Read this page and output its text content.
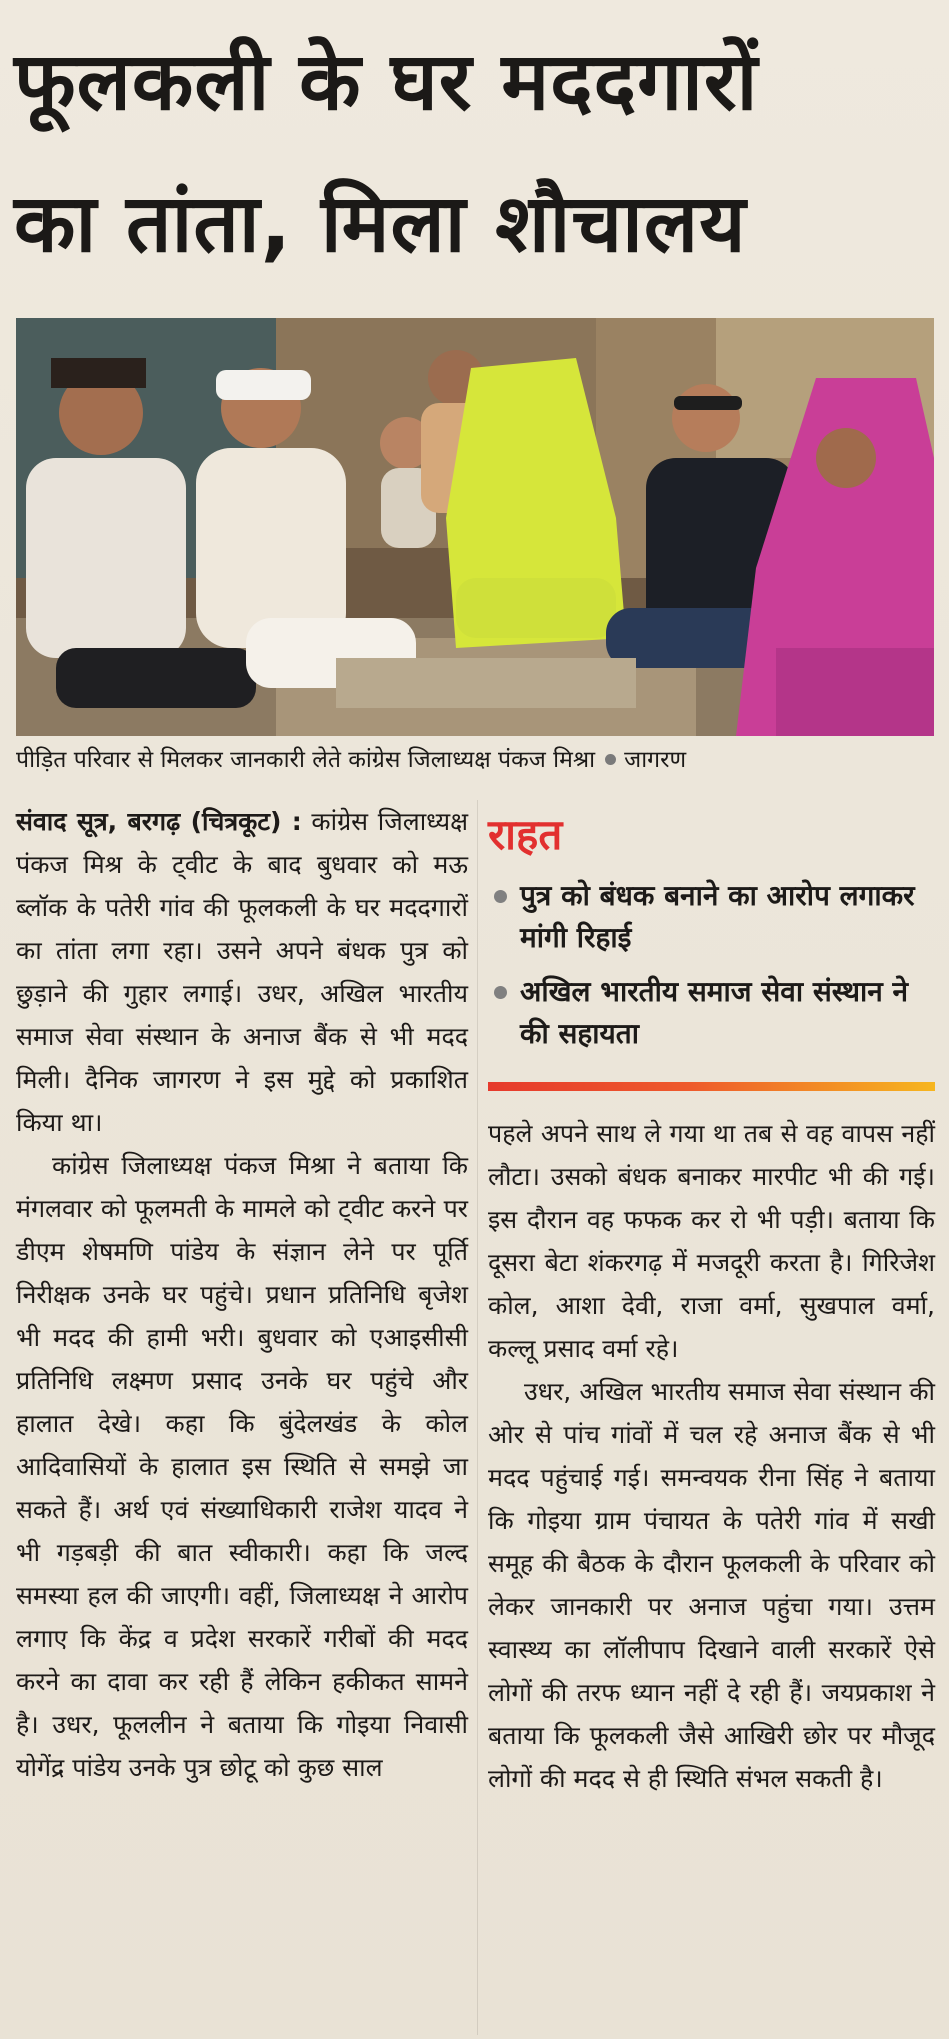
फूलकली के घर मददगारों
का तांता, मिला शौचालय
पीड़ित परिवार से मिलकर जानकारी लेते कांग्रेस जिलाध्यक्ष पंकज मिश्रा जागरण

संवाद सूत्र, बरगढ़ (चित्रकूट) : कांग्रेस जिलाध्यक्ष पंकज मिश्र के ट्वीट के बाद बुधवार को मऊ ब्लॉक के पतेरी गांव की फूलकली के घर मददगारों का तांता लगा रहा। उसने अपने बंधक पुत्र को छुड़ाने की गुहार लगाई। उधर, अखिल भारतीय समाज सेवा संस्थान के अनाज बैंक से भी मदद मिली। दैनिक जागरण ने इस मुद्दे को प्रकाशित किया था।

कांग्रेस जिलाध्यक्ष पंकज मिश्रा ने बताया कि मंगलवार को फूलमती के मामले को ट्वीट करने पर डीएम शेषमणि पांडेय के संज्ञान लेने पर पूर्ति निरीक्षक उनके घर पहुंचे। प्रधान प्रतिनिधि बृजेश भी मदद की हामी भरी। बुधवार को एआइसीसी प्रतिनिधि लक्ष्मण प्रसाद उनके घर पहुंचे और हालात देखे। कहा कि बुंदेलखंड के कोल आदिवासियों के हालात इस स्थिति से समझे जा सकते हैं। अर्थ एवं संख्याधिकारी राजेश यादव ने भी गड़बड़ी की बात स्वीकारी। कहा कि जल्द समस्या हल की जाएगी। वहीं, जिलाध्यक्ष ने आरोप लगाए कि केंद्र व प्रदेश सरकारें गरीबों की मदद करने का दावा कर रही हैं लेकिन हकीकत सामने है। उधर, फूललीन ने बताया कि गोइया निवासी योगेंद्र पांडेय उनके पुत्र छोटू को कुछ साल

राहत
पुत्र को बंधक बनाने का आरोप लगाकर मांगी रिहाई
अखिल भारतीय समाज सेवा संस्थान ने की सहायता

पहले अपने साथ ले गया था तब से वह वापस नहीं लौटा। उसको बंधक बनाकर मारपीट भी की गई। इस दौरान वह फफक कर रो भी पड़ी। बताया कि दूसरा बेटा शंकरगढ़ में मजदूरी करता है। गिरिजेश कोल, आशा देवी, राजा वर्मा, सुखपाल वर्मा, कल्लू प्रसाद वर्मा रहे।

उधर, अखिल भारतीय समाज सेवा संस्थान की ओर से पांच गांवों में चल रहे अनाज बैंक से भी मदद पहुंचाई गई। समन्वयक रीना सिंह ने बताया कि गोइया ग्राम पंचायत के पतेरी गांव में सखी समूह की बैठक के दौरान फूलकली के परिवार को लेकर जानकारी पर अनाज पहुंचा गया। उत्तम स्वास्थ्य का लॉलीपाप दिखाने वाली सरकारें ऐसे लोगों की तरफ ध्यान नहीं दे रही हैं। जयप्रकाश ने बताया कि फूलकली जैसे आखिरी छोर पर मौजूद लोगों की मदद से ही स्थिति संभल सकती है।
